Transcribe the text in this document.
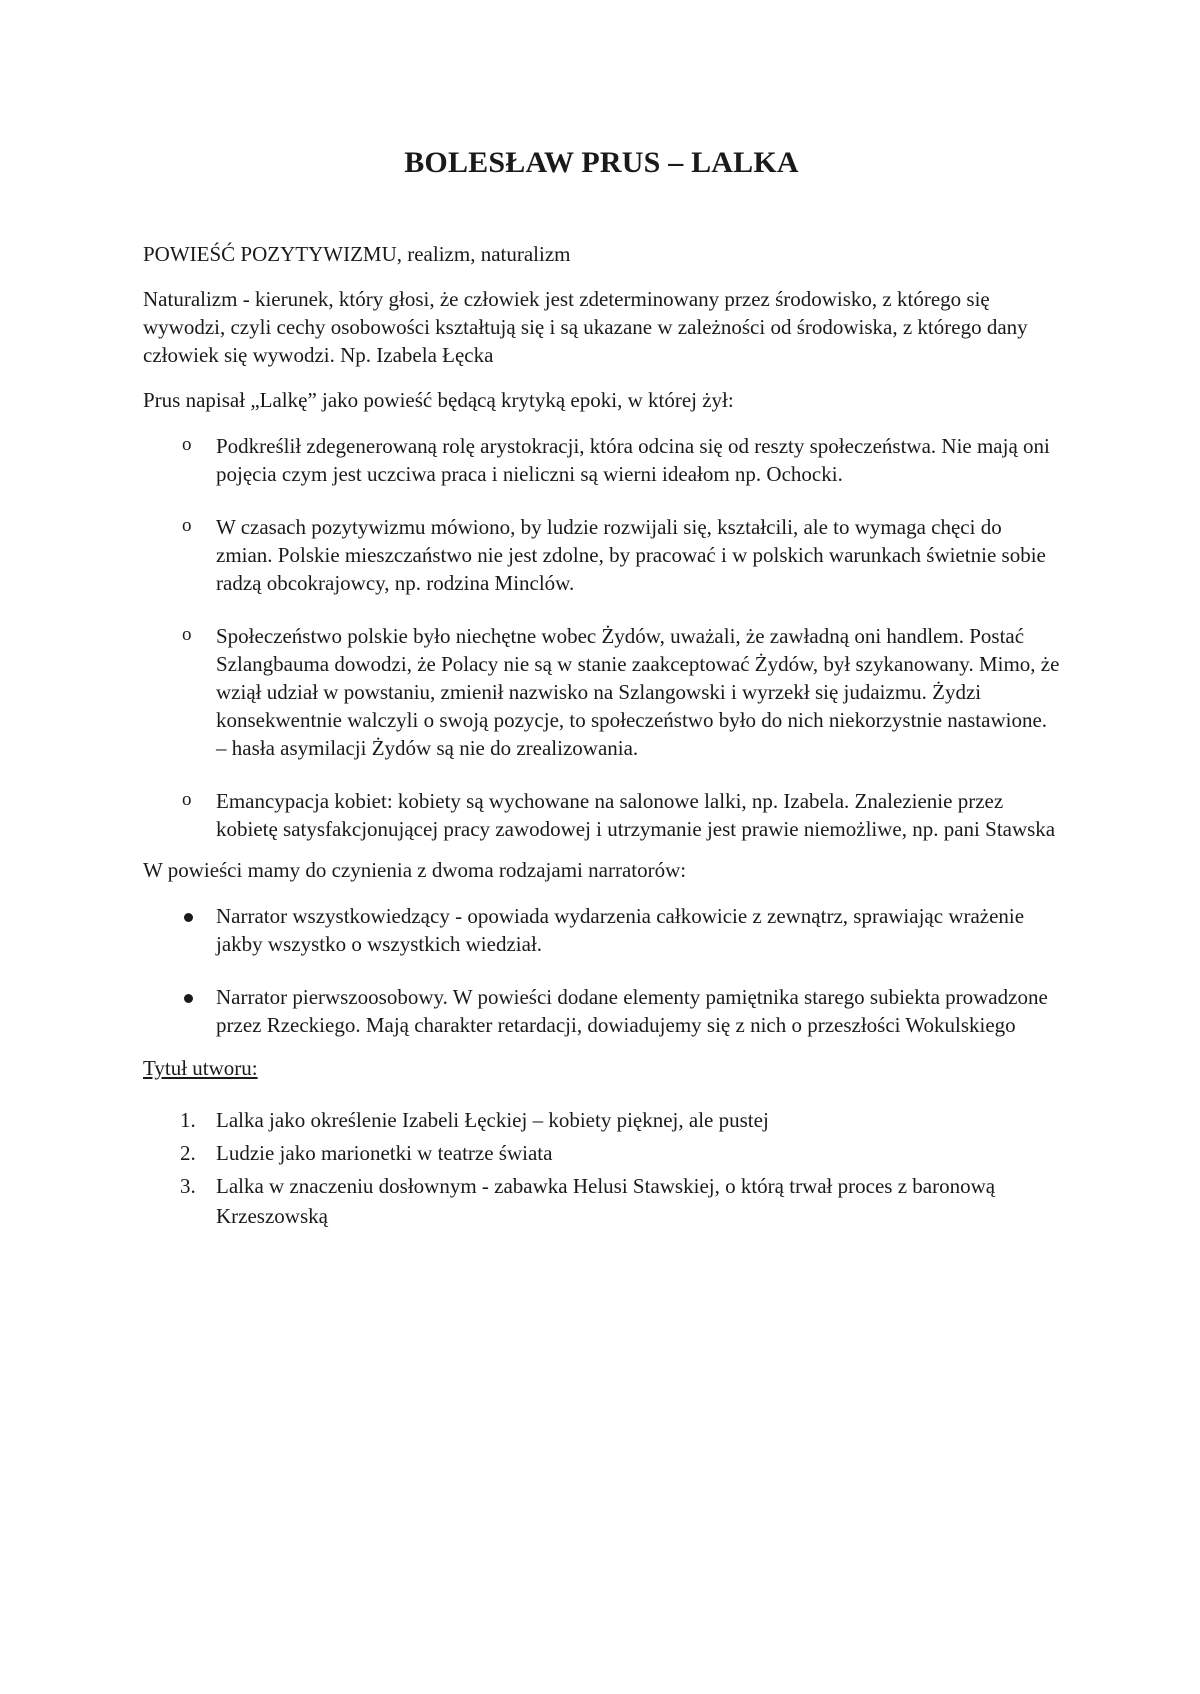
BOLESŁAW PRUS – LALKA

POWIEŚĆ POZYTYWIZMU, realizm, naturalizm

Naturalizm - kierunek, który głosi, że człowiek jest zdeterminowany przez środowisko, z którego się wywodzi, czyli cechy osobowości kształtują się i są ukazane w zależności od środowiska, z którego dany człowiek się wywodzi. Np. Izabela Łęcka

Prus napisał „Lalkę” jako powieść będącą krytyką epoki, w której żył:

o	Podkreślił zdegenerowaną rolę arystokracji, która odcina się od reszty społeczeństwa. Nie mają oni pojęcia czym jest uczciwa praca i nieliczni są wierni ideałom np. Ochocki.
o	W czasach pozytywizmu mówiono, by ludzie rozwijali się, kształcili, ale to wymaga chęci do zmian. Polskie mieszczaństwo nie jest zdolne, by pracować i w polskich warunkach świetnie sobie radzą obcokrajowcy, np. rodzina Minclów.
o	Społeczeństwo polskie było niechętne wobec Żydów, uważali, że zawładną oni handlem. Postać Szlangbauma dowodzi, że Polacy nie są w stanie zaakceptować Żydów, był szykanowany. Mimo, że wziął udział w powstaniu, zmienił nazwisko na Szlangowski i wyrzekł się judaizmu. Żydzi konsekwentnie walczyli o swoją pozycje, to społeczeństwo było do nich niekorzystnie nastawione. – hasła asymilacji Żydów są nie do zrealizowania.
o	Emancypacja kobiet: kobiety są wychowane na salonowe lalki, np. Izabela. Znalezienie przez kobietę satysfakcjonującej pracy zawodowej i utrzymanie jest prawie niemożliwe, np. pani Stawska

W powieści mamy do czynienia z dwoma rodzajami narratorów:

Narrator wszystkowiedzący - opowiada wydarzenia całkowicie z zewnątrz, sprawiając wrażenie jakby wszystko o wszystkich wiedział.
Narrator pierwszoosobowy. W powieści dodane elementy pamiętnika starego subiekta prowadzone przez Rzeckiego. Mają charakter retardacji, dowiadujemy się z nich o przeszłości Wokulskiego

Tytuł utworu:

1. Lalka jako określenie Izabeli Łęckiej – kobiety pięknej, ale pustej
2. Ludzie jako marionetki w teatrze świata
3. Lalka w znaczeniu dosłownym - zabawka Helusi Stawskiej, o którą trwał proces z baronową Krzeszowską
